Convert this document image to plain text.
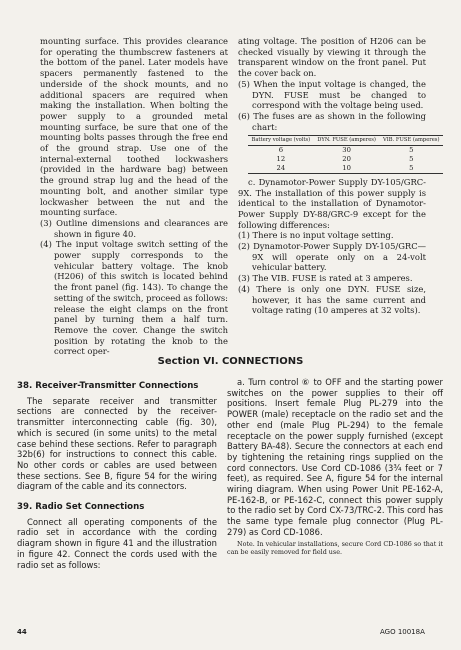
mounting surface. This provides clearance for operating the thumbscrew fasteners at the bottom of the panel. Later models have spacers permanently fastened to the underside of the shock mounts, and no additional spacers are required when making the installation. When bolting the power supply to a grounded metal mounting surface, be sure that one of the mounting bolts passes through the free end of the ground strap. Use one of the internal-external toothed lockwashers (provided in the hardware bag) between the ground strap lug and the head of the mounting bolt, and another similar type lockwasher between the nut and the mounting surface.

(3) Outline dimensions and clearances are shown in figure 40.

(4) The input voltage switch setting of the power supply corresponds to the vehicular battery voltage. The knob (H206) of this switch is located behind the front panel (fig. 143). To change the setting of the switch, proceed as follows: release the eight clamps on the front panel by turning them a half turn. Remove the cover. Change the switch position by rotating the knob to the correct oper-

ating voltage. The position of H206 can be checked visually by viewing it through the transparent window on the front panel. Put the cover back on.

(5) When the input voltage is changed, the DYN. FUSE must be changed to correspond with the voltage being used.

(6) The fuses are as shown in the following chart:

Battery voltage (volts)	DYN. FUSE (amperes)	VIB. FUSE (amperes)
6	30	5
12	20	5
24	10	5

c. Dynamotor-Power Supply DY-105/GRC-9X. The installation of this power supply is identical to the installation of Dynamotor-Power Supply DY-88/GRC-9 except for the following differences:

(1) There is no input voltage setting.

(2) Dynamotor-Power Supply DY-105/GRC—9X will operate only on a 24-volt vehicular battery.

(3) The VIB. FUSE is rated at 3 amperes.

(4) There is only one DYN. FUSE size, however, it has the same current and voltage rating (10 amperes at 32 volts).

Section VI. CONNECTIONS

38. Receiver-Transmitter Connections

The separate receiver and transmitter sections are connected by the receiver-transmitter interconnecting cable (fig. 30), which is secured (in some units) to the metal case behind these sections. Refer to paragraph 32b(6) for instructions to connect this cable. No other cords or cables are used between these sections. See B, figure 54 for the wiring diagram of the cable and its connectors.

39. Radio Set Connections

Connect all operating components of the radio set in accordance with the cording diagram shown in figure 41 and the illustration in figure 42. Connect the cords used with the radio set as follows:

a. Turn control ⑥ to OFF and the starting power switches on the power supplies to their off positions. Insert female Plug PL-279 into the POWER (male) receptacle on the radio set and the other end (male Plug PL-294) to the female receptacle on the power supply furnished (except Battery BA-48). Secure the connectors at each end by tightening the retaining rings supplied on the cord connectors. Use Cord CD-1086 (3¾ feet or 7 feet), as required. See A, figure 54 for the internal wiring diagram. When using Power Unit PE-162-A, PE-162-B, or PE-162-C, connect this power supply to the radio set by Cord CX-73/TRC-2. This cord has the same type female plug connector (Plug PL-279) as Cord CD-1086.

Note. In vehicular installations, secure Cord CD-1086 so that it can be easily removed for field use.

44	AGO 10018A
